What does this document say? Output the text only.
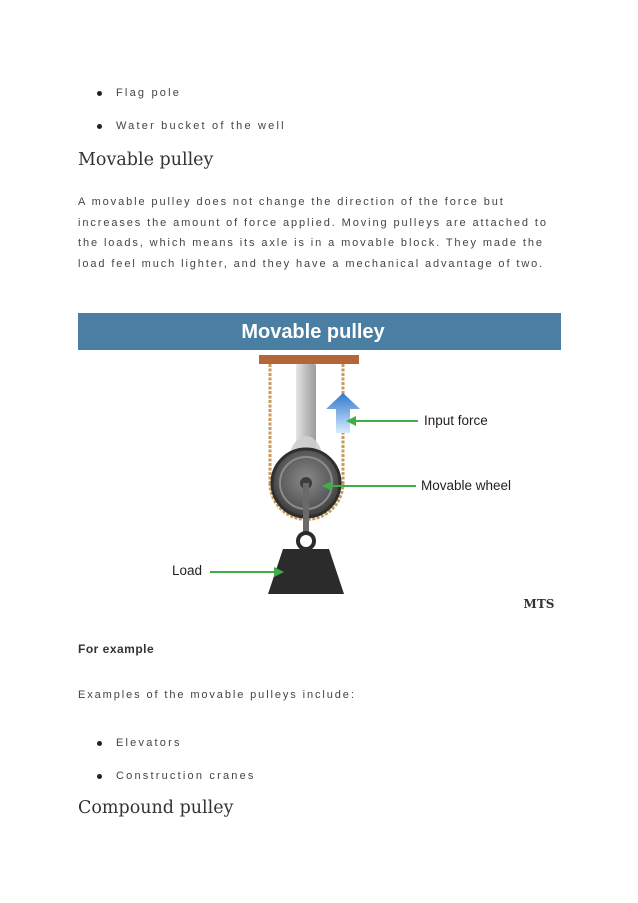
Flag pole
Water bucket of the well
Movable pulley

A movable pulley does not change the direction of the force but increases the amount of force applied. Moving pulleys are attached to the loads, which means its axle is in a movable block. They made the load feel much lighter, and they have a mechanical advantage of two.

Movable pulley
Input force
Movable wheel
Load
MTS
For example

Examples of the movable pulleys include:

Elevators
Construction cranes
Compound pulley
